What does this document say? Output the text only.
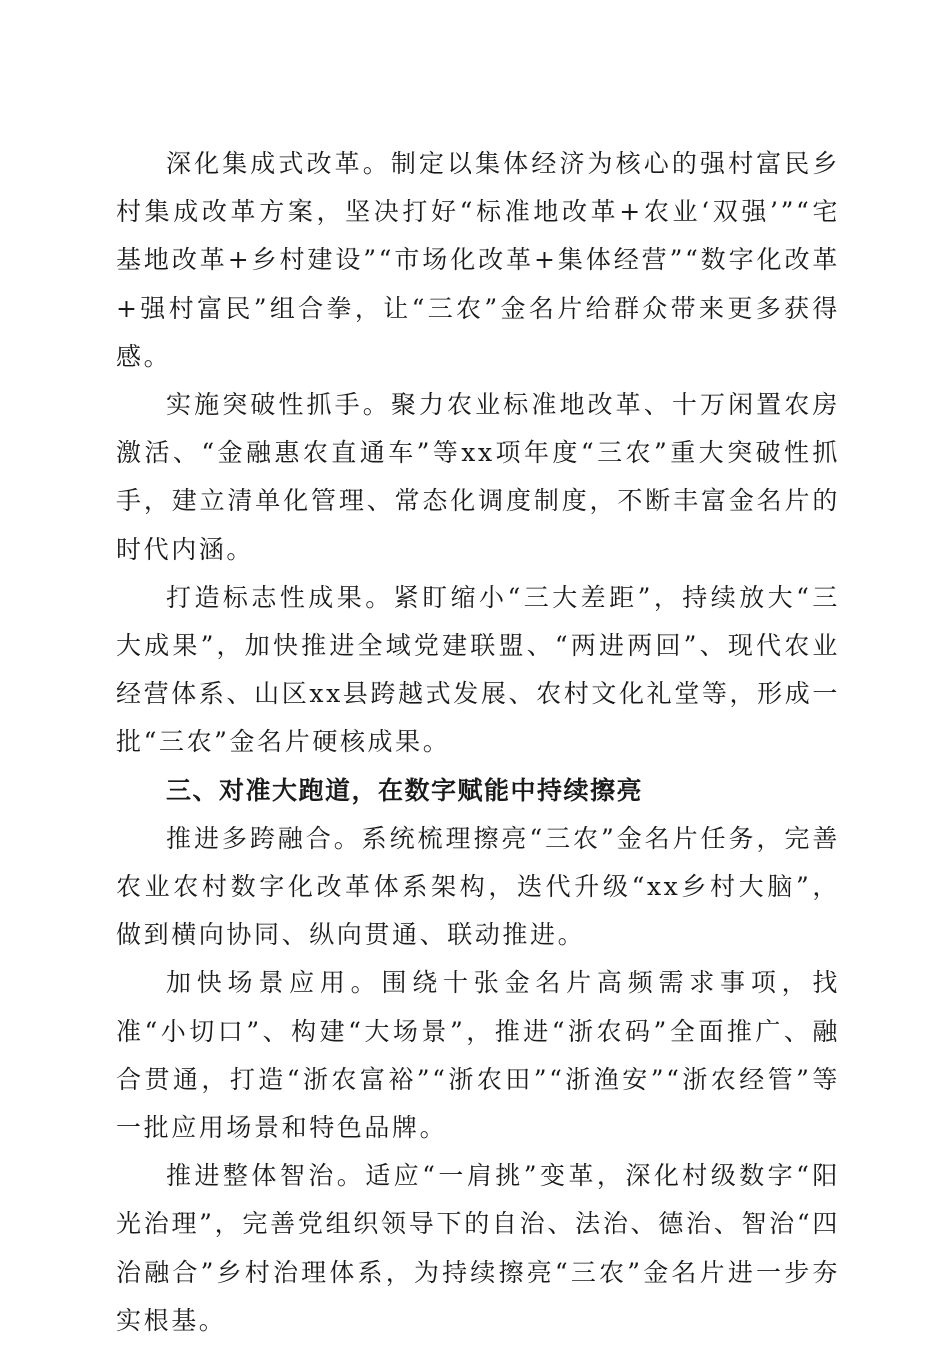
深化集成式改革。制定以集体经济为核心的强村富民乡村集成改革方案，坚决打好“标准地改革+农业‘双强’”“宅基地改革+乡村建设”“市场化改革+集体经营”“数字化改革+强村富民”组合拳，让“三农”金名片给群众带来更多获得感。

实施突破性抓手。聚力农业标准地改革、十万闲置农房激活、“金融惠农直通车”等xx项年度“三农”重大突破性抓手，建立清单化管理、常态化调度制度，不断丰富金名片的时代内涵。

打造标志性成果。紧盯缩小“三大差距”，持续放大“三大成果”，加快推进全域党建联盟、“两进两回”、现代农业经营体系、山区xx县跨越式发展、农村文化礼堂等，形成一批“三农”金名片硬核成果。

三、对准大跑道，在数字赋能中持续擦亮

推进多跨融合。系统梳理擦亮“三农”金名片任务，完善农业农村数字化改革体系架构，迭代升级“xx乡村大脑”，做到横向协同、纵向贯通、联动推进。

加快场景应用。围绕十张金名片高频需求事项，找准“小切口”、构建“大场景”，推进“浙农码”全面推广、融合贯通，打造“浙农富裕”“浙农田”“浙渔安”“浙农经管”等一批应用场景和特色品牌。

推进整体智治。适应“一肩挑”变革，深化村级数字“阳光治理”，完善党组织领导下的自治、法治、德治、智治“四治融合”乡村治理体系，为持续擦亮“三农”金名片进一步夯实根基。
